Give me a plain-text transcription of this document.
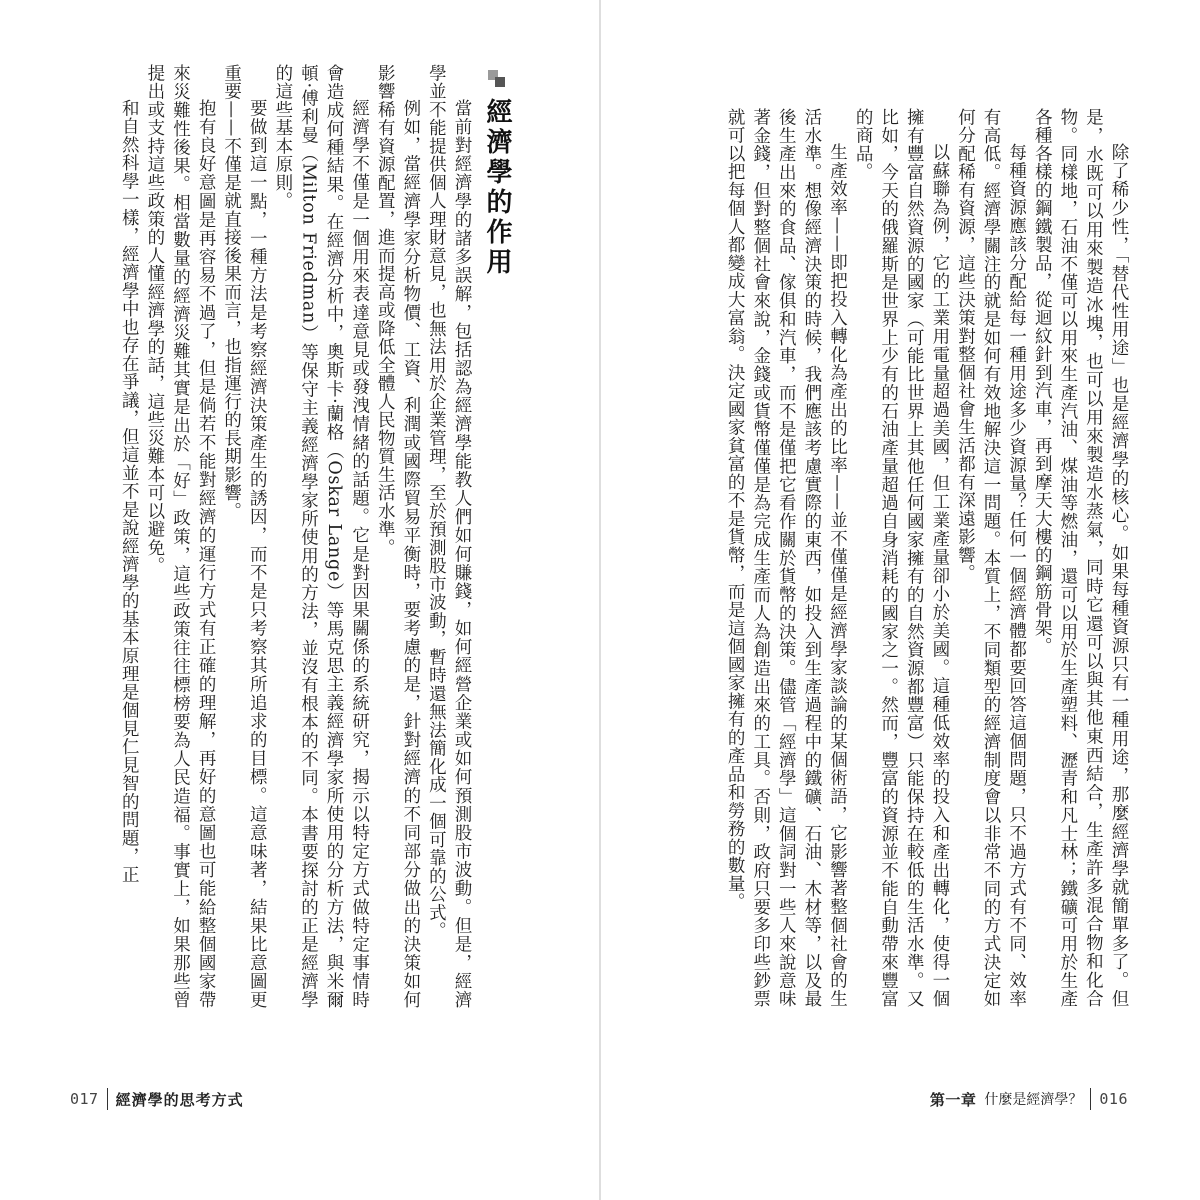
經濟學的作用

當前對經濟學的諸多誤解，包括認為經濟學能教人們如何賺錢，如何經營企業或如何預測股市波動。但是，經濟學並不能提供個人理財意見，也無法用於企業管理，至於預測股市波動，暫時還無法簡化成一個可靠的公式。

例如，當經濟學家分析物價、工資、利潤或國際貿易平衡時，要考慮的是，針對經濟的不同部分做出的決策如何影響稀有資源配置，進而提高或降低全體人民物質生活水準。

經濟學不僅是一個用來表達意見或發洩情緒的話題。它是對因果關係的系統研究，揭示以特定方式做特定事情時會造成何種結果。在經濟分析中，奧斯卡·蘭格（Oskar Lange）等馬克思主義經濟學家所使用的分析方法，與米爾頓·傅利曼（Milton Friedman）等保守主義經濟學家所使用的方法，並沒有根本的不同。本書要探討的正是經濟學的這些基本原則。

要做到這一點，一種方法是考察經濟決策產生的誘因，而不是只考察其所追求的目標。這意味著，結果比意圖更重要——不僅是就直接後果而言，也指運行的長期影響。

抱有良好意圖是再容易不過了，但是倘若不能對經濟的運行方式有正確的理解，再好的意圖也可能給整個國家帶來災難性後果。相當數量的經濟災難其實是出於「好」政策，這些政策往往標榜要為人民造福。事實上，如果那些曾提出或支持這些政策的人懂經濟學的話，這些災難本可以避免。

和自然科學一樣，經濟學中也存在爭議，但這並不是說經濟學的基本原理是個見仁見智的問題，正

017 經濟學的思考方式

除了稀少性，「替代性用途」也是經濟學的核心。如果每種資源只有一種用途，那麼經濟學就簡單多了。但是，水既可以用來製造冰塊，也可以用來製造水蒸氣，同時它還可以與其他東西結合，生產許多混合物和化合物。同樣地，石油不僅可以用來生產汽油、煤油等燃油，還可以用於生產塑料、瀝青和凡士林；鐵礦可用於生產各種各樣的鋼鐵製品，從迴紋針到汽車，再到摩天大樓的鋼筋骨架。

每種資源應該分配給每一種用途多少資源量？任何一個經濟體都要回答這個問題，只不過方式有不同、效率有高低。經濟學關注的就是如何有效地解決這一問題。本質上，不同類型的經濟制度會以非常不同的方式決定如何分配稀有資源，這些決策對整個社會生活都有深遠影響。

以蘇聯為例，它的工業用電量超過美國，但工業產量卻小於美國。這種低效率的投入和產出轉化，使得一個擁有豐富自然資源的國家（可能比世界上其他任何國家擁有的自然資源都豐富）只能保持在較低的生活水準。又比如，今天的俄羅斯是世界上少有的石油產量超過自身消耗的國家之一。然而，豐富的資源並不能自動帶來豐富的商品。

生產效率——即把投入轉化為產出的比率——並不僅僅是經濟學家談論的某個術語，它影響著整個社會的生活水準。想像經濟決策的時候，我們應該考慮實際的東西，如投入到生產過程中的鐵礦、石油、木材等，以及最後生產出來的食品、傢俱和汽車，而不是僅把它看作關於貨幣的決策。儘管「經濟學」這個詞對一些人來說意味著金錢，但對整個社會來說，金錢或貨幣僅僅是為完成生產而人為創造出來的工具。否則，政府只要多印些鈔票就可以把每個人都變成大富翁。決定國家貧富的不是貨幣，而是這個國家擁有的產品和勞務的數量。

第一章 什麼是經濟學？ 016
